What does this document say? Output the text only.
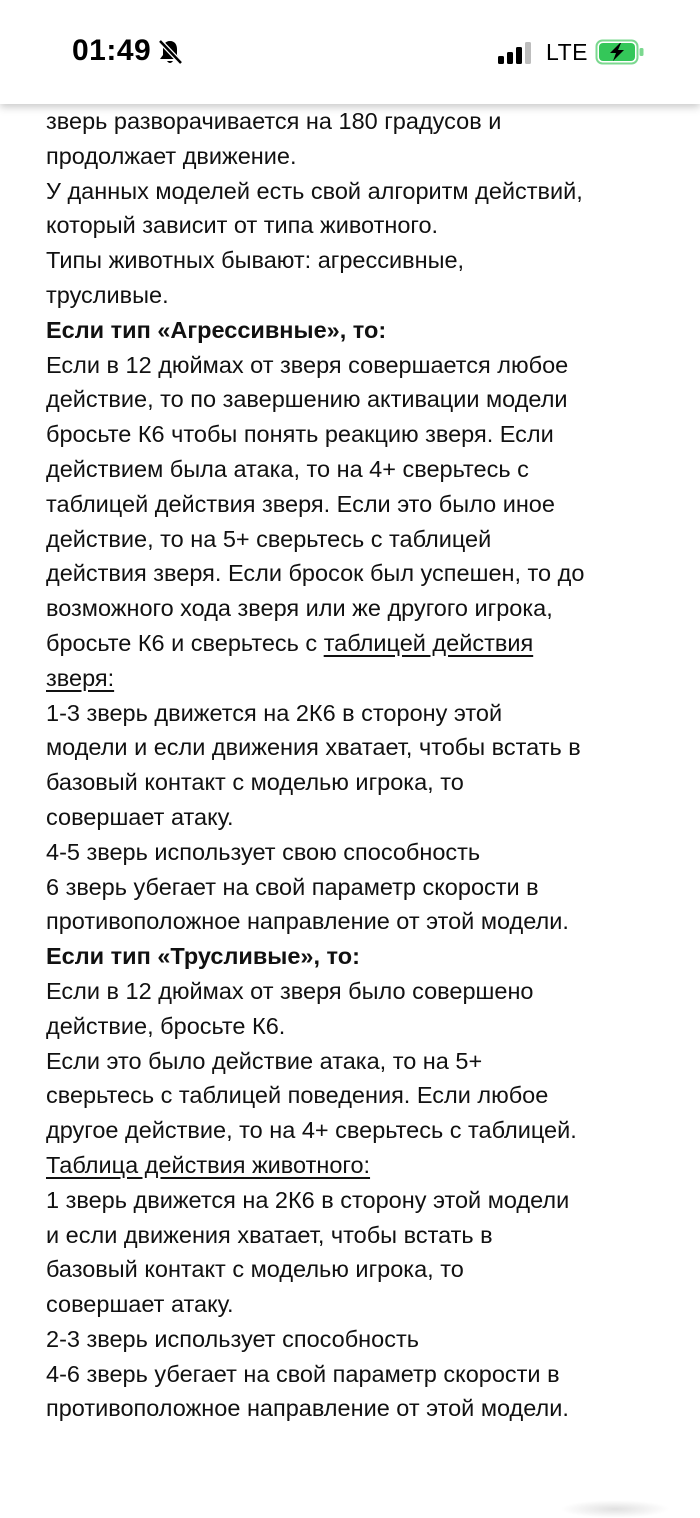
01:49	LTE
зверь разворачивается на 180 градусов и
продолжает движение.
У данных моделей есть свой алгоритм действий,
который зависит от типа животного.
Типы животных бывают: агрессивные,
трусливые.
Если тип «Агрессивные», то:
Если в 12 дюймах от зверя совершается любое
действие, то по завершению активации модели
бросьте К6 чтобы понять реакцию зверя. Если
действием была атака, то на 4+ сверьтесь с
таблицей действия зверя. Если это было иное
действие, то на 5+ сверьтесь с таблицей
действия зверя. Если бросок был успешен, то до
возможного хода зверя или же другого игрока,
бросьте К6 и сверьтесь с таблицей действия
зверя:
1-3 зверь движется на 2К6 в сторону этой
модели и если движения хватает, чтобы встать в
базовый контакт с моделью игрока, то
совершает атаку.
4-5 зверь использует свою способность
6 зверь убегает на свой параметр скорости в
противоположное направление от этой модели.
Если тип «Трусливые», то:
Если в 12 дюймах от зверя было совершено
действие, бросьте К6.
Если это было действие атака, то на 5+
сверьтесь с таблицей поведения. Если любое
другое действие, то на 4+ сверьтесь с таблицей.
Таблица действия животного:
1 зверь движется на 2К6 в сторону этой модели
и если движения хватает, чтобы встать в
базовый контакт с моделью игрока, то
совершает атаку.
2-3 зверь использует способность
4-6 зверь убегает на свой параметр скорости в
противоположное направление от этой модели.
